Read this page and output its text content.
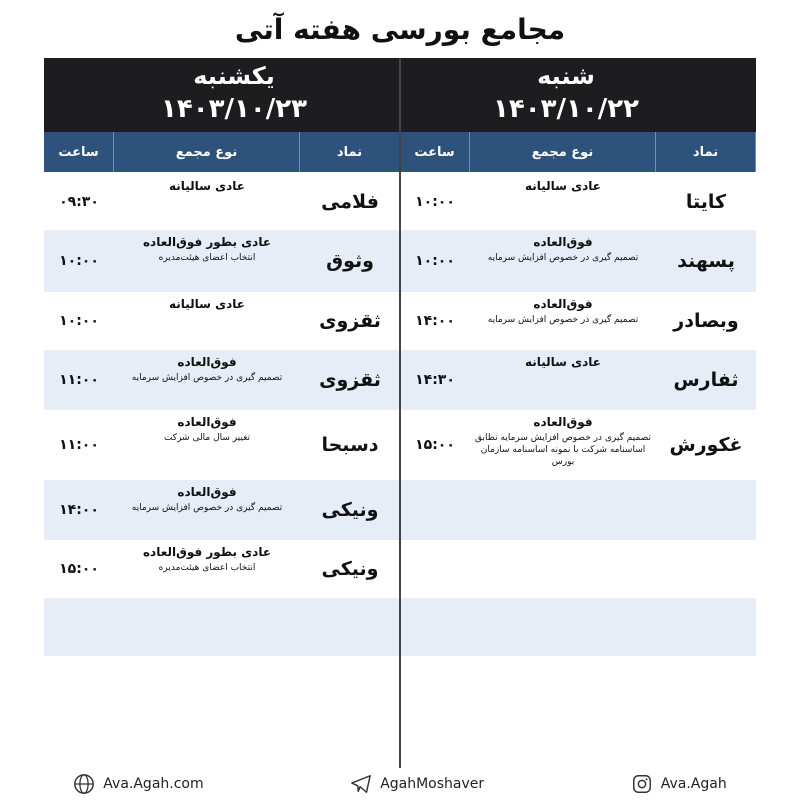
مجامع بورسی هفته آتی
شنبه
۱۴۰۳/۱۰/۲۲
یکشنبه
۱۴۰۳/۱۰/۲۳
نماد
نوع مجمع
ساعت
کایتا
عادی سالیانه
۱۰:۰۰
پسهند
فوق‌العاده
تصمیم گیری در خصوص افزایش سرمایه
۱۰:۰۰
وبصادر
فوق‌العاده
تصمیم گیری در خصوص افزایش سرمایه
۱۴:۰۰
ثفارس
عادی سالیانه
۱۴:۳۰
غکورش
فوق‌العاده
تصمیم گیری در خصوص افزایش سرمایه تطابق اساسنامه شرکت با نمونه اساسنامه سازمان بورس
۱۵:۰۰
نماد
نوع مجمع
ساعت
فلامی
عادی سالیانه
۰۹:۳۰
وثوق
عادی بطور فوق‌العاده
انتخاب اعضای هیئت‌مدیره
۱۰:۰۰
ثقزوی
عادی سالیانه
۱۰:۰۰
ثقزوی
فوق‌العاده
تصمیم گیری در خصوص افزایش سرمایه
۱۱:۰۰
دسبحا
فوق‌العاده
تغییر سال مالی شرکت
۱۱:۰۰
ونیکی
فوق‌العاده
تصمیم گیری در خصوص افزایش سرمایه
۱۴:۰۰
ونیکی
عادی بطور فوق‌العاده
انتخاب اعضای هیئت‌مدیره
۱۵:۰۰
Ava.Agah.com	AgahMoshaver	Ava.Agah
